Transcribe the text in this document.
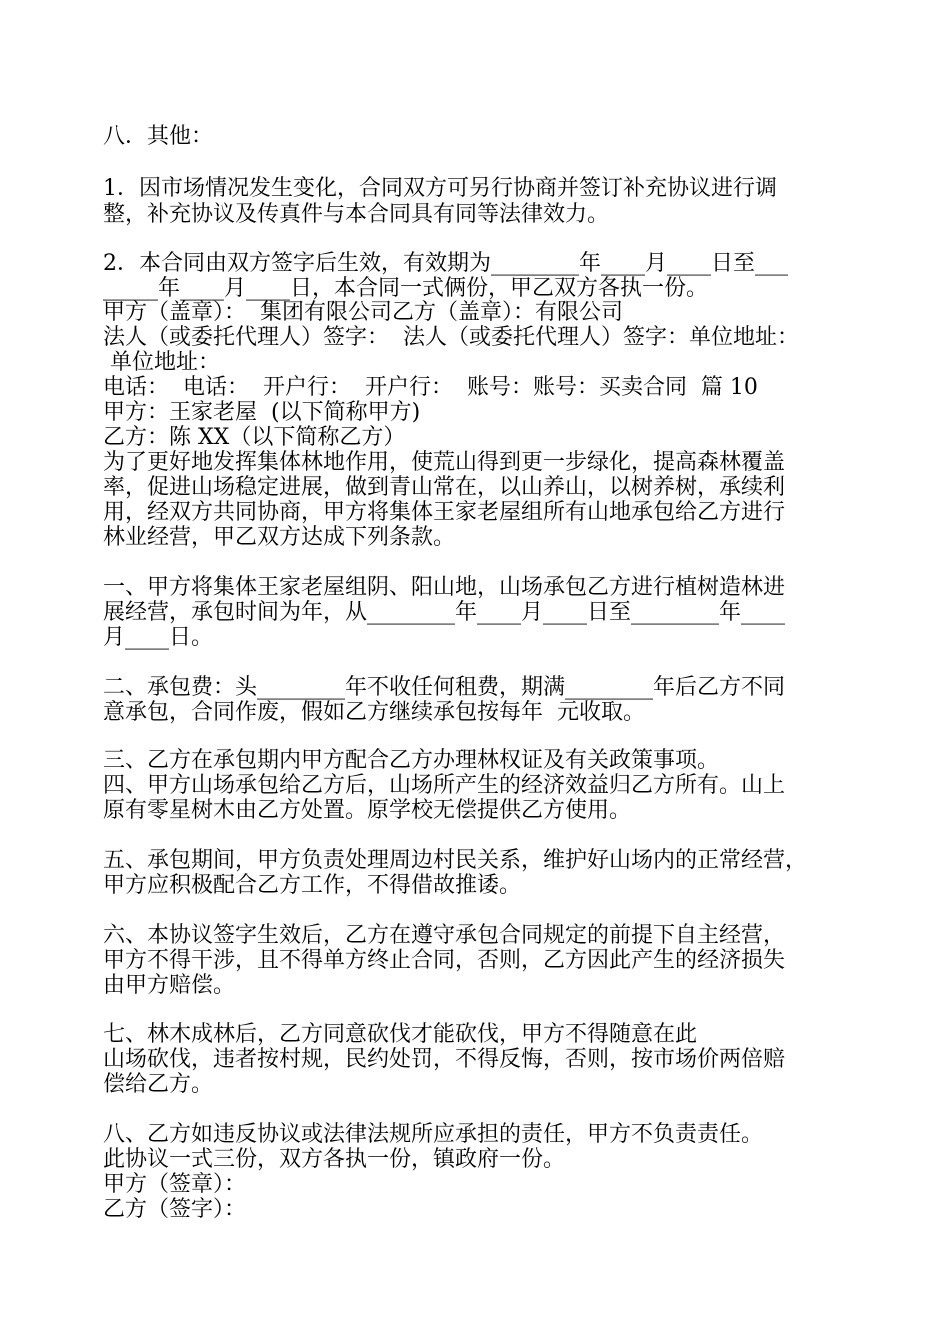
八．其他：
1．因市场情况发生变化，合同双方可另行协商并签订补充协议进行调
整，补充协议及传真件与本合同具有同等法律效力。
2．本合同由双方签字后生效，有效期为________年____月____日至___
_____年____月____日，本合同一式俩份，甲乙双方各执一份。
甲方（盖章）：  集团有限公司乙方（盖章）：有限公司
法人（或委托代理人）签字：  法人（或委托代理人）签字：单位地址：
单位地址：
电话：  电话：  开户行：  开户行：  账号：账号：买卖合同  篇 10
甲方：王家老屋  (以下简称甲方)
乙方：陈 XX（以下简称乙方）
为了更好地发挥集体林地作用，使荒山得到更一步绿化，提高森林覆盖
率，促进山场稳定进展，做到青山常在，以山养山，以树养树，承续利
用，经双方共同协商，甲方将集体王家老屋组所有山地承包给乙方进行
林业经营，甲乙双方达成下列条款。
一、甲方将集体王家老屋组阴、阳山地，山场承包乙方进行植树造林进
展经营，承包时间为年，从________年____月____日至________年____
月____日。
二、承包费：头________年不收任何租费，期满________年后乙方不同
意承包，合同作废，假如乙方继续承包按每年  元收取。
三、乙方在承包期内甲方配合乙方办理林权证及有关政策事项。
四、甲方山场承包给乙方后，山场所产生的经济效益归乙方所有。山上
原有零星树木由乙方处置。原学校无偿提供乙方使用。
五、承包期间，甲方负责处理周边村民关系，维护好山场内的正常经营，
甲方应积极配合乙方工作，不得借故推诿。
六、本协议签字生效后，乙方在遵守承包合同规定的前提下自主经营，
甲方不得干涉，且不得单方终止合同，否则，乙方因此产生的经济损失
由甲方赔偿。
七、林木成林后，乙方同意砍伐才能砍伐，甲方不得随意在此
山场砍伐，违者按村规，民约处罚，不得反悔，否则，按市场价两倍赔
偿给乙方。
八、乙方如违反协议或法律法规所应承担的责任，甲方不负责责任。
此协议一式三份，双方各执一份，镇政府一份。
甲方（签章）：
乙方（签字）：
